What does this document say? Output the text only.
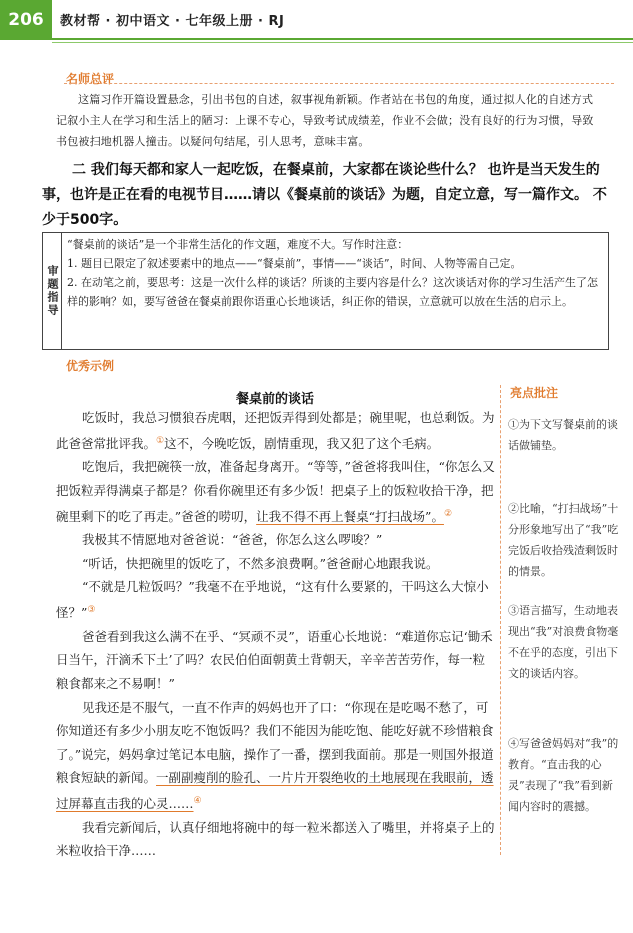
206	教材帮 · 初中语文 · 七年级上册 · RJ
名师总评
这篇习作开篇设置悬念，引出书包的自述，叙事视角新颖。作者站在书包的角度，通过拟人化的自述方式记叙小主人在学习和生活上的陋习：上课不专心，导致考试成绩差，作业不会做；没有良好的行为习惯，导致书包被扫地机器人撞击。以疑问句结尾，引人思考，意味丰富。
二 我们每天都和家人一起吃饭，在餐桌前，大家都在谈论些什么？ 也许是当天发生的事，也许是正在看的电视节目……请以《餐桌前的谈话》为题，自定立意，写一篇作文。 不少于500字。
审题指导

“餐桌前的谈话”是一个非常生活化的作文题，难度不大。写作时注意：

1. 题目已限定了叙述要素中的地点——“餐桌前”，事情——“谈话”，时间、人物等需自己定。

2. 在动笔之前，要思考：这是一次什么样的谈话？所谈的主要内容是什么？这次谈话对你的学习生活产生了怎样的影响？如，要写爸爸在餐桌前跟你语重心长地谈话，纠正你的错误，立意就可以放在生活的启示上。

优秀示例
餐桌前的谈话

吃饭时，我总习惯狼吞虎咽，还把饭弄得到处都是；碗里呢，也总剩饭。为此爸爸常批评我。①这不，今晚吃饭，剧情重现，我又犯了这个毛病。

吃饱后，我把碗筷一放，准备起身离开。“等等，”爸爸将我叫住，“你怎么又把饭粒弄得满桌子都是？你看你碗里还有多少饭！把桌子上的饭粒收拾干净，把碗里剩下的吃了再走。”爸爸的唠叨，让我不得不再上餐桌“打扫战场”。②

我极其不情愿地对爸爸说：“爸爸，你怎么这么啰唆？”

“听话，快把碗里的饭吃了，不然多浪费啊。”爸爸耐心地跟我说。

“不就是几粒饭吗？”我毫不在乎地说，“这有什么要紧的，干吗这么大惊小怪？”③

爸爸看到我这么满不在乎、“冥顽不灵”，语重心长地说：“难道你忘记‘锄禾日当午，汗滴禾下土’了吗？农民伯伯面朝黄土背朝天，辛辛苦苦劳作，每一粒粮食都来之不易啊！”

见我还是不服气，一直不作声的妈妈也开了口：“你现在是吃喝不愁了，可你知道还有多少小朋友吃不饱饭吗？我们不能因为能吃饱、能吃好就不珍惜粮食了。”说完，妈妈拿过笔记本电脑，操作了一番，摆到我面前。那是一则国外报道粮食短缺的新闻。一副副瘦削的脸孔、一片片开裂绝收的土地展现在我眼前，透过屏幕直击我的心灵……④

我看完新闻后，认真仔细地将碗中的每一粒米都送入了嘴里，并将桌子上的米粒收拾干净……

亮点批注
①为下文写餐桌前的谈话做铺垫。
②比喻，“打扫战场”十分形象地写出了“我”吃完饭后收拾残渣剩饭时的情景。
③语言描写，生动地表现出“我”对浪费食物毫不在乎的态度，引出下文的谈话内容。
④写爸爸妈妈对“我”的教育。“直击我的心灵”表现了“我”看到新闻内容时的震撼。
